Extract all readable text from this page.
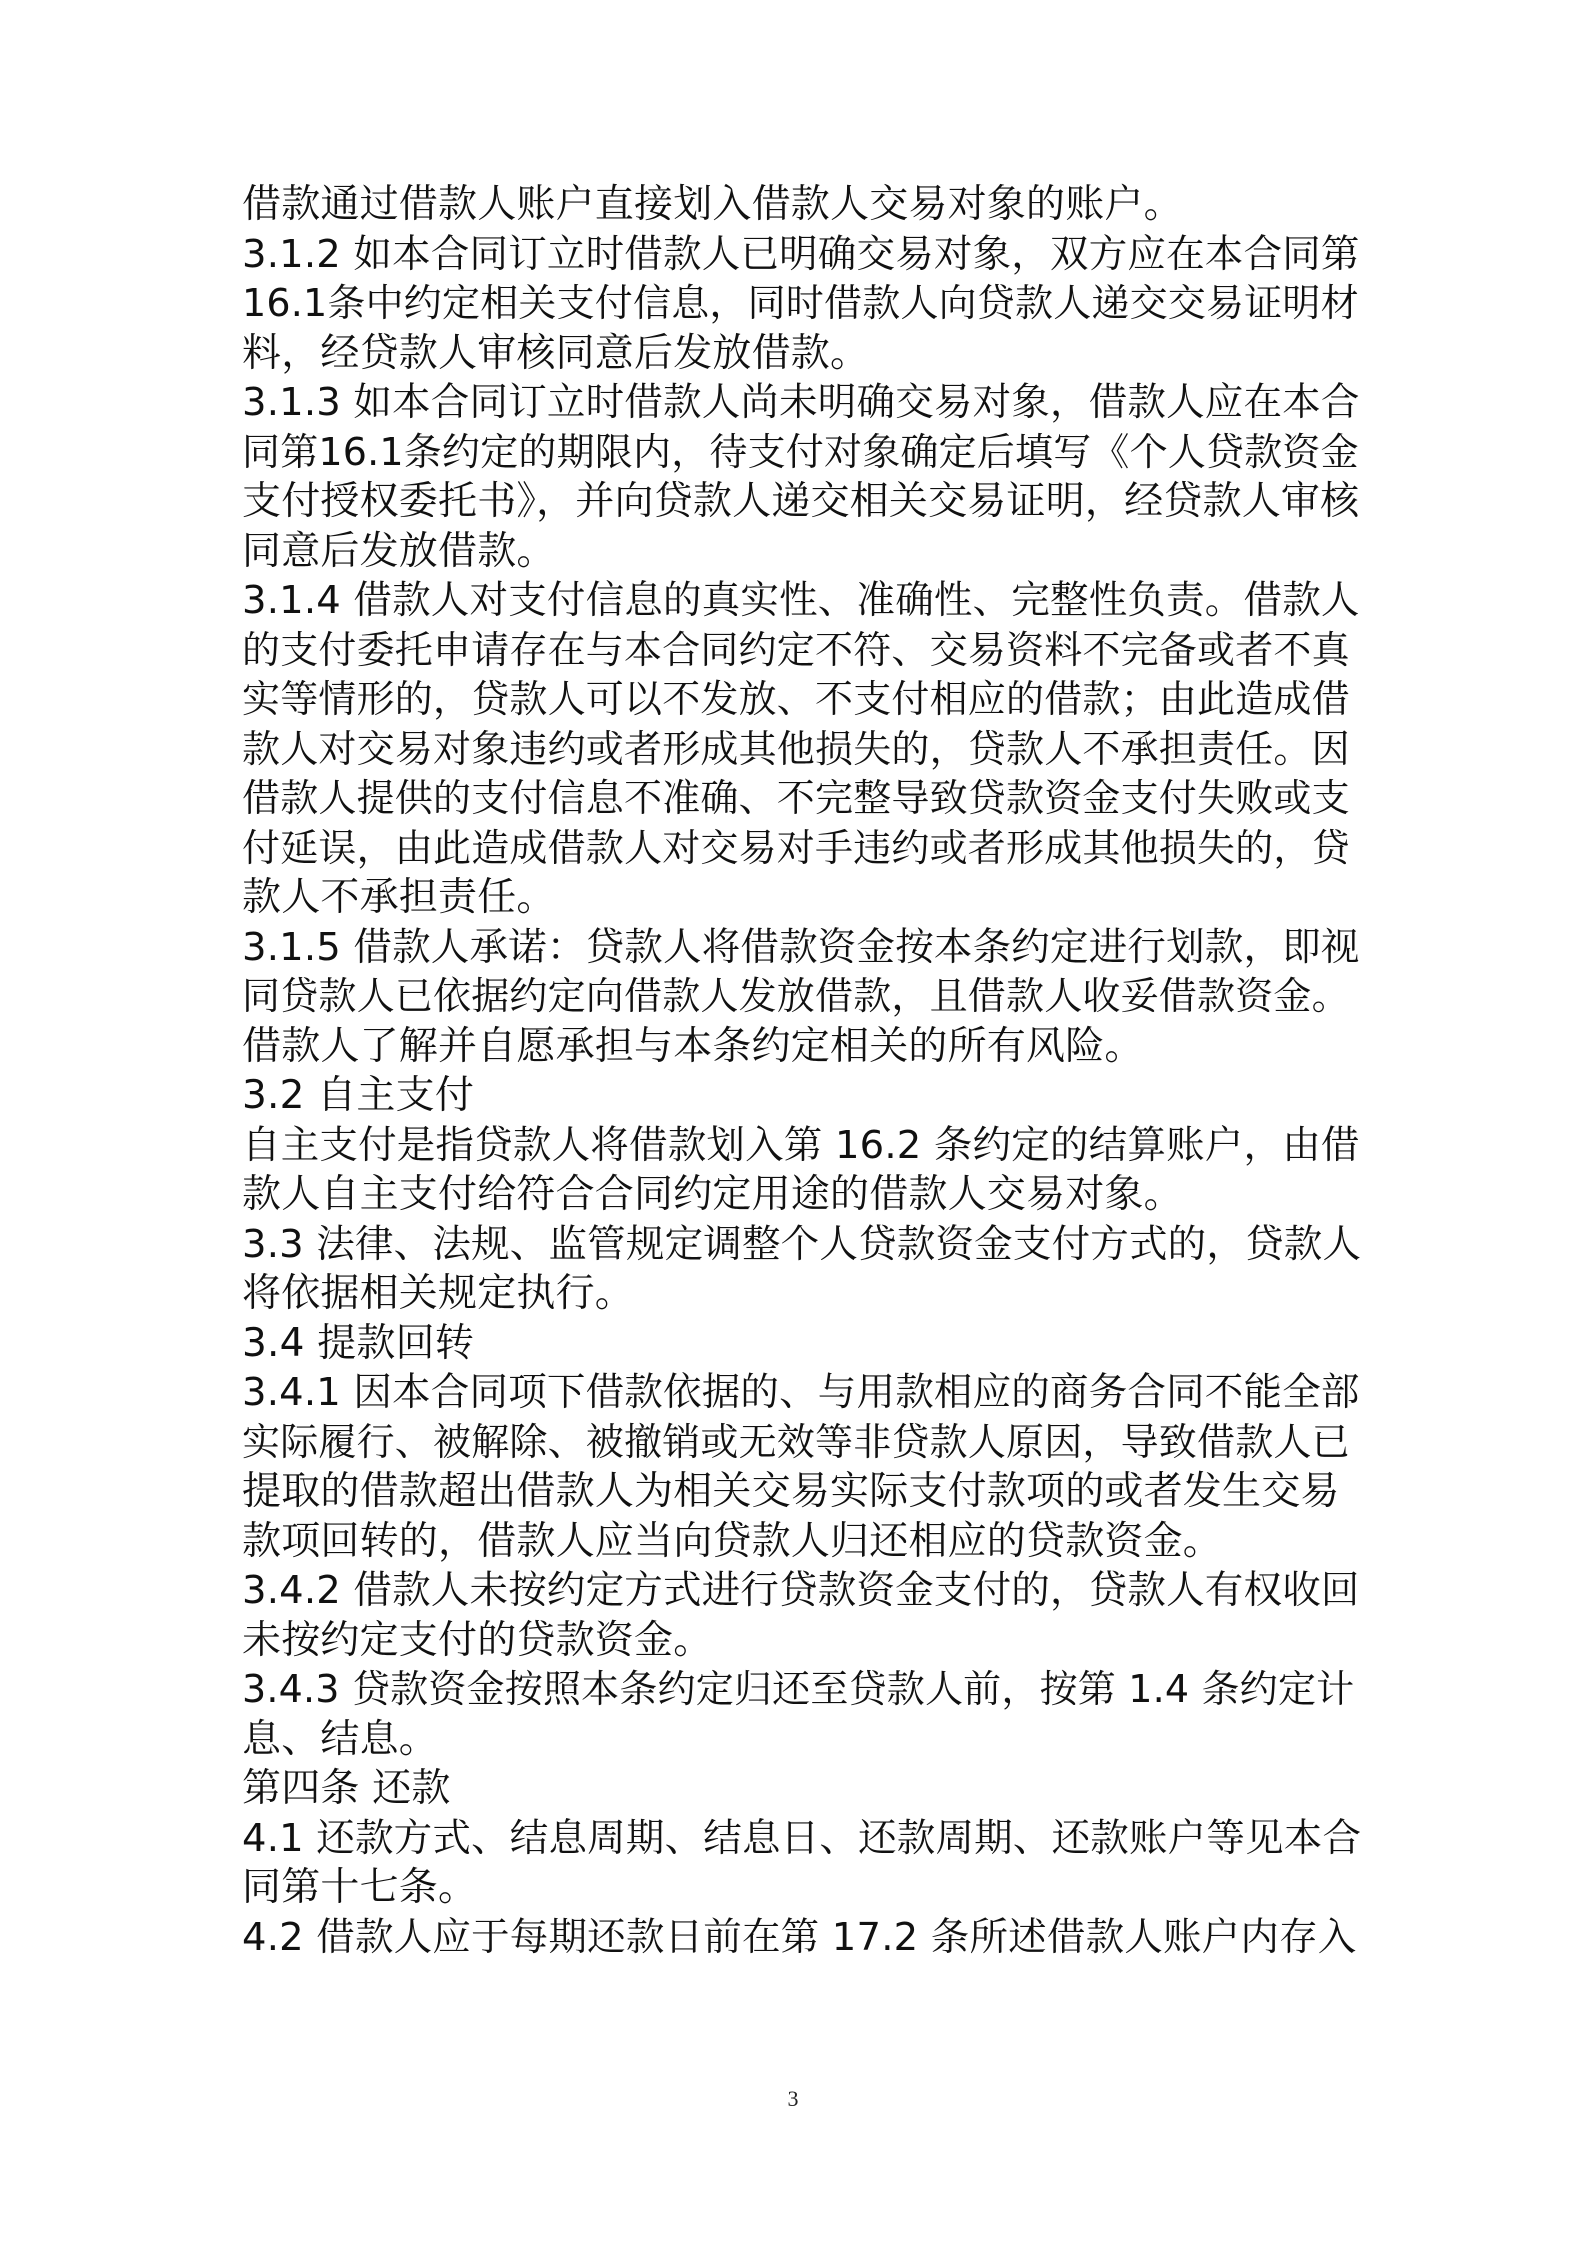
借款通过借款人账户直接划入借款人交易对象的账户。
3.1.2 如本合同订立时借款人已明确交易对象，双方应在本合同第
16.1条中约定相关支付信息，同时借款人向贷款人递交交易证明材
料，经贷款人审核同意后发放借款。
3.1.3 如本合同订立时借款人尚未明确交易对象，借款人应在本合
同第16.1条约定的期限内，待支付对象确定后填写《个人贷款资金
支付授权委托书》，并向贷款人递交相关交易证明，经贷款人审核
同意后发放借款。
3.1.4 借款人对支付信息的真实性、准确性、完整性负责。借款人
的支付委托申请存在与本合同约定不符、交易资料不完备或者不真
实等情形的，贷款人可以不发放、不支付相应的借款；由此造成借
款人对交易对象违约或者形成其他损失的，贷款人不承担责任。因
借款人提供的支付信息不准确、不完整导致贷款资金支付失败或支
付延误，由此造成借款人对交易对手违约或者形成其他损失的，贷
款人不承担责任。
3.1.5 借款人承诺：贷款人将借款资金按本条约定进行划款，即视
同贷款人已依据约定向借款人发放借款，且借款人收妥借款资金。
借款人了解并自愿承担与本条约定相关的所有风险。
3.2 自主支付
自主支付是指贷款人将借款划入第 16.2 条约定的结算账户，由借
款人自主支付给符合合同约定用途的借款人交易对象。
3.3 法律、法规、监管规定调整个人贷款资金支付方式的，贷款人
将依据相关规定执行。
3.4 提款回转
3.4.1 因本合同项下借款依据的、与用款相应的商务合同不能全部
实际履行、被解除、被撤销或无效等非贷款人原因，导致借款人已
提取的借款超出借款人为相关交易实际支付款项的或者发生交易
款项回转的，借款人应当向贷款人归还相应的贷款资金。
3.4.2 借款人未按约定方式进行贷款资金支付的，贷款人有权收回
未按约定支付的贷款资金。
3.4.3 贷款资金按照本条约定归还至贷款人前，按第 1.4 条约定计
息、结息。
第四条 还款
4.1 还款方式、结息周期、结息日、还款周期、还款账户等见本合
同第十七条。
4.2 借款人应于每期还款日前在第 17.2 条所述借款人账户内存入
3
